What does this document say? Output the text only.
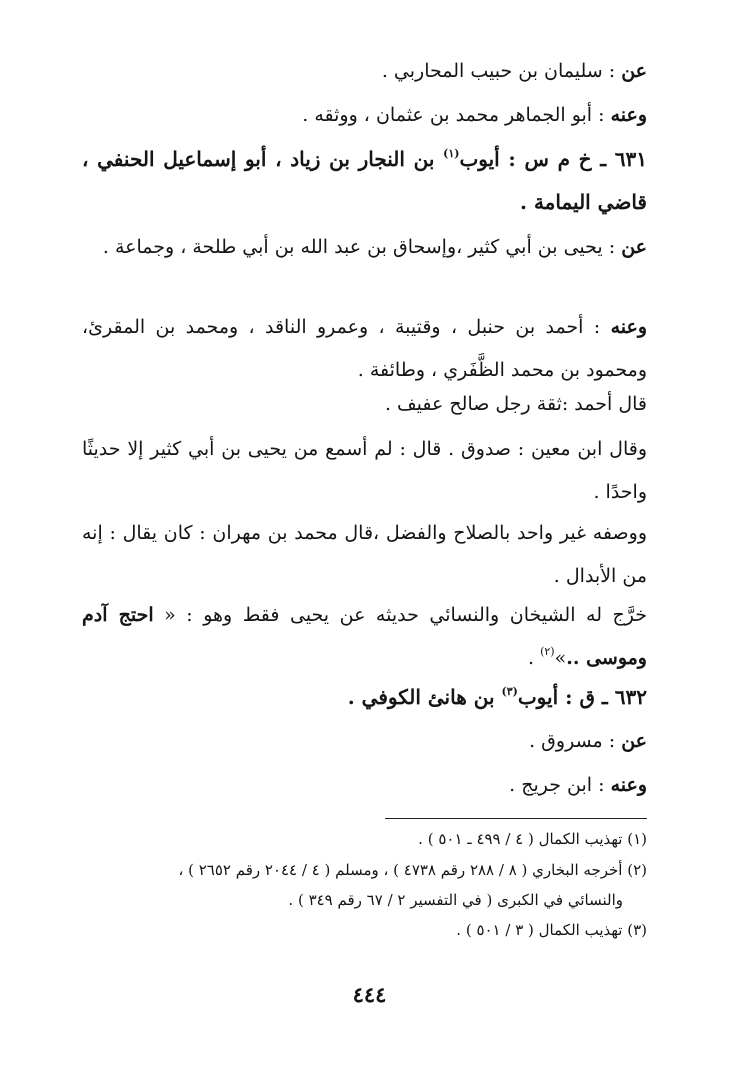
عن : سليمان بن حبيب المحاربي .

وعنه : أبو الجماهر محمد بن عثمان ، ووثقه .

٦٣١ ـ خ م س : أيوب$^{(١)}$ بن النجار بن زياد ، أبو إسماعيل الحنفي ، قاضي اليمامة .

عن : يحيى بن أبي كثير ،وإسحاق بن عبد الله بن أبي طلحة ، وجماعة .

وعنه : أحمد بن حنبل ، وقتيبة ، وعمرو الناقد ، ومحمد بن المقرئ، ومحمود بن محمد الظَّفَري ، وطائفة .

قال أحمد :ثقة رجل صالح عفيف .

وقال ابن معين : صدوق . قال : لم أسمع من يحيى بن أبي كثير إلا حديثًا واحدًا .

ووصفه غير واحد بالصلاح والفضل ،قال محمد بن مهران : كان يقال : إنه من الأبدال .

خرَّج له الشيخان والنسائي حديثه عن يحيى فقط وهو : « احتج آدم وموسى ..»$^{(٢)}$ .

٦٣٢ ـ ق : أيوب$^{(٣)}$ بن هانئ الكوفي .

عن : مسروق .

وعنه : ابن جريج .

(١) تهذيب الكمال ( ٤ / ٤٩٩ ـ ٥٠١ ) .

(٢) أخرجه البخاري ( ٨ / ٢٨٨ رقم ٤٧٣٨ ) ، ومسلم ( ٤ / ٢٠٤٤ رقم ٢٦٥٢ ) ،

والنسائي في الكبرى ( في التفسير ٢ / ٦٧ رقم ٣٤٩ ) .

(٣) تهذيب الكمال ( ٣ / ٥٠١ ) .

٤٤٤
